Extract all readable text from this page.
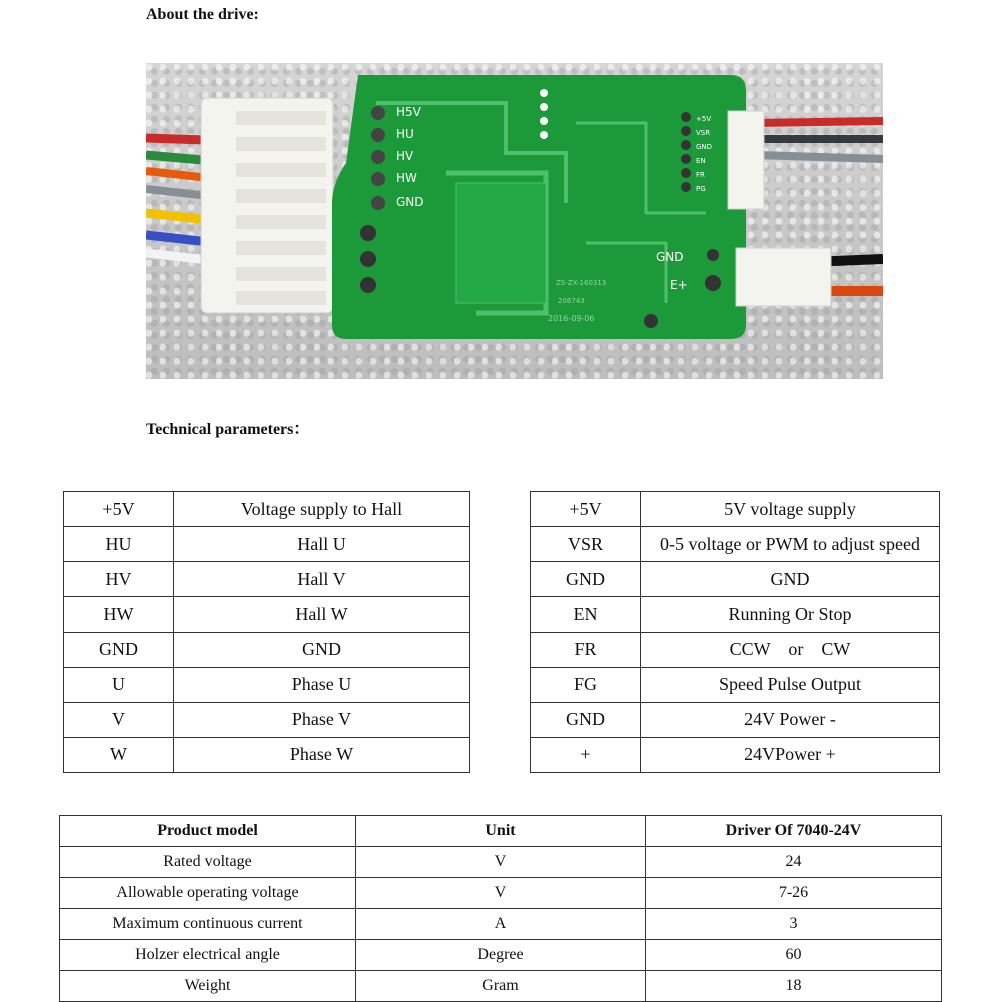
About the drive:
H5V
HU
HV
HW
GND
+5V
VSR
GND
EN
FR
PG
GND
E+
ZS-ZX-160313
206743
2016-09-06
Technical parameters：
+5V	Voltage supply to Hall		+5V	5V voltage supply
HU	Hall U		VSR	0-5 voltage or PWM to adjust speed
HV	Hall V		GND	GND
HW	Hall W		EN	Running Or Stop
GND	GND		FR	CCW    or    CW
U	Phase U		FG	Speed Pulse Output
V	Phase V		GND	24V Power -
W	Phase W		+	24VPower +
Product model	Unit	Driver Of 7040-24V
Rated voltage	V	24
Allowable operating voltage	V	7-26
Maximum continuous current	A	3
Holzer electrical angle	Degree	60
Weight	Gram	18
